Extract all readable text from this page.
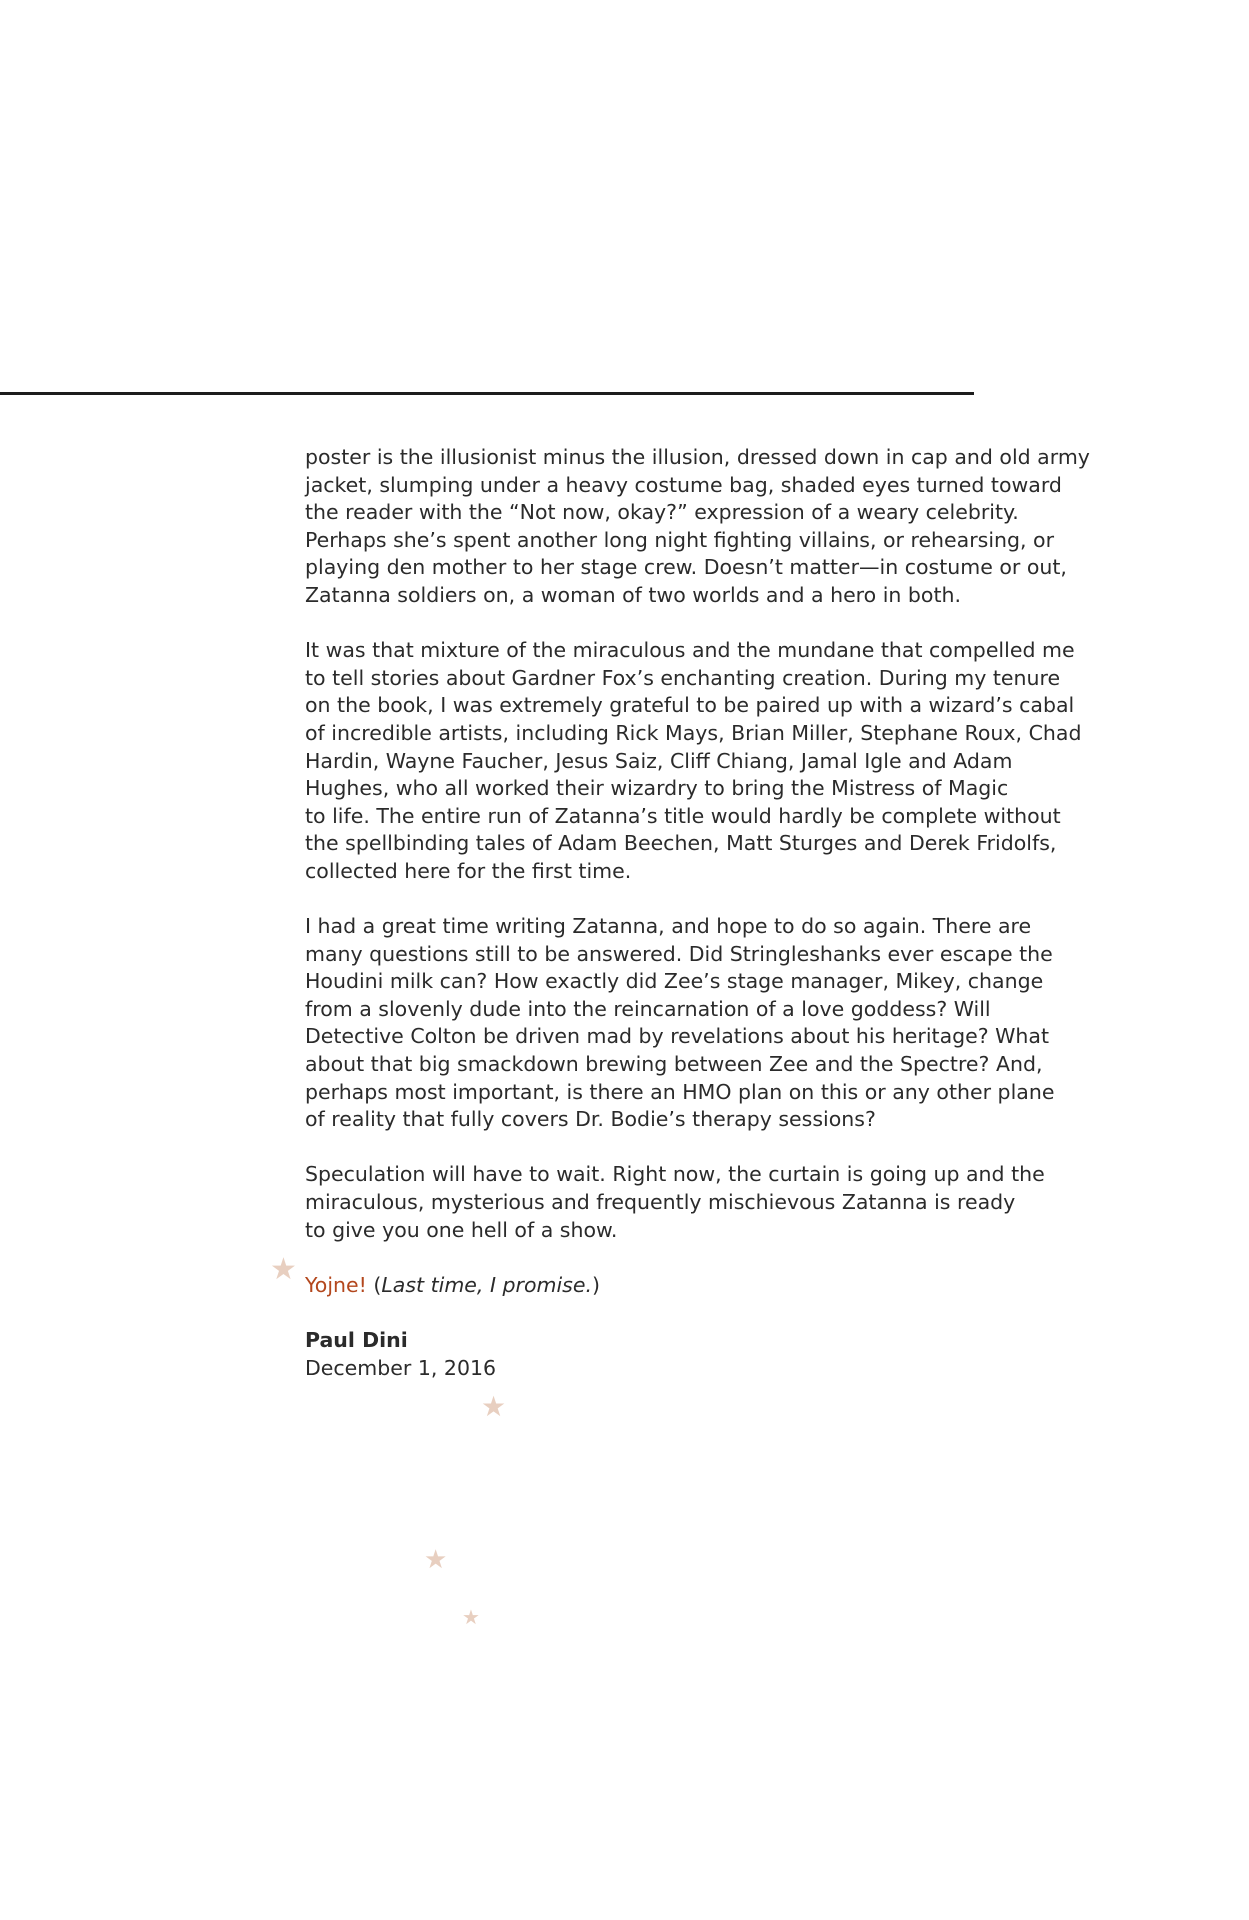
poster is the illusionist minus the illusion, dressed down in cap and old army
jacket, slumping under a heavy costume bag, shaded eyes turned toward
the reader with the “Not now, okay?” expression of a weary celebrity.
Perhaps she’s spent another long night fighting villains, or rehearsing, or
playing den mother to her stage crew. Doesn’t matter—in costume or out,
Zatanna soldiers on, a woman of two worlds and a hero in both.

It was that mixture of the miraculous and the mundane that compelled me
to tell stories about Gardner Fox’s enchanting creation. During my tenure
on the book, I was extremely grateful to be paired up with a wizard’s cabal
of incredible artists, including Rick Mays, Brian Miller, Stephane Roux, Chad
Hardin, Wayne Faucher, Jesus Saiz, Cliff Chiang, Jamal Igle and Adam
Hughes, who all worked their wizardry to bring the Mistress of Magic
to life. The entire run of Zatanna’s title would hardly be complete without
the spellbinding tales of Adam Beechen, Matt Sturges and Derek Fridolfs,
collected here for the first time.

I had a great time writing Zatanna, and hope to do so again. There are
many questions still to be answered. Did Stringleshanks ever escape the
Houdini milk can? How exactly did Zee’s stage manager, Mikey, change
from a slovenly dude into the reincarnation of a love goddess? Will
Detective Colton be driven mad by revelations about his heritage? What
about that big smackdown brewing between Zee and the Spectre? And,
perhaps most important, is there an HMO plan on this or any other plane
of reality that fully covers Dr. Bodie’s therapy sessions?

Speculation will have to wait. Right now, the curtain is going up and the
miraculous, mysterious and frequently mischievous Zatanna is ready
to give you one hell of a show.

Yojne! (Last time, I promise.)

Paul Dini
December 1, 2016

★
★
★
★
